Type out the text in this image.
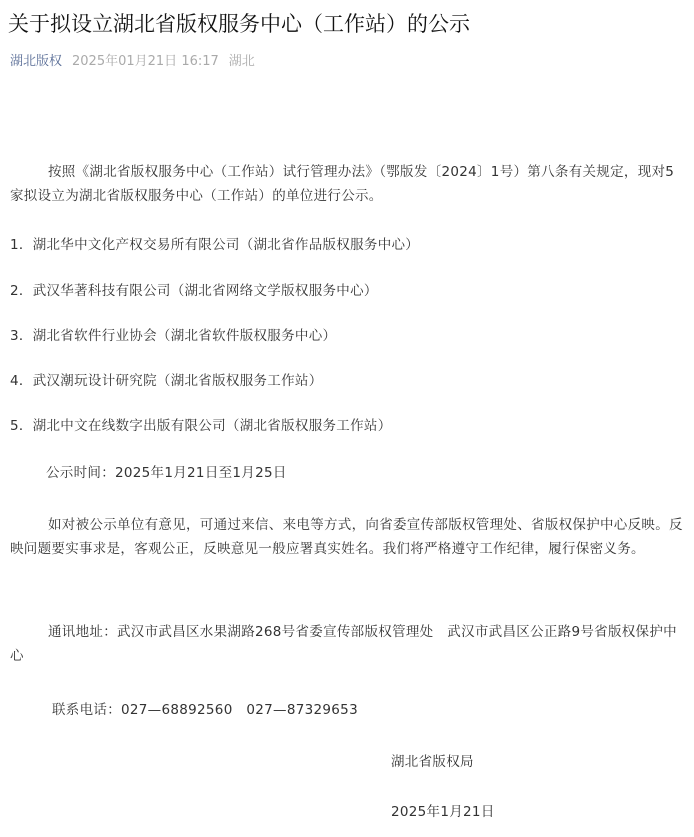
关于拟设立湖北省版权服务中心（工作站）的公示
湖北版权 2025年01月21日 16:17 湖北

按照《湖北省版权服务中心（工作站）试行管理办法》（鄂版发〔2024〕1号）第八条有关规定，现对5家拟设立为湖北省版权服务中心（工作站）的单位进行公示。

1．湖北华中文化产权交易所有限公司（湖北省作品版权服务中心）

2．武汉华著科技有限公司（湖北省网络文学版权服务中心）

3．湖北省软件行业协会（湖北省软件版权服务中心）

4．武汉潮玩设计研究院（湖北省版权服务工作站）

5．湖北中文在线数字出版有限公司（湖北省版权服务工作站）

公示时间：2025年1月21日至1月25日

如对被公示单位有意见，可通过来信、来电等方式，向省委宣传部版权管理处、省版权保护中心反映。反映问题要实事求是，客观公正，反映意见一般应署真实姓名。我们将严格遵守工作纪律，履行保密义务。

通讯地址：武汉市武昌区水果湖路268号省委宣传部版权管理处　武汉市武昌区公正路9号省版权保护中心

联系电话：027—68892560　027—87329653

湖北省版权局

2025年1月21日
